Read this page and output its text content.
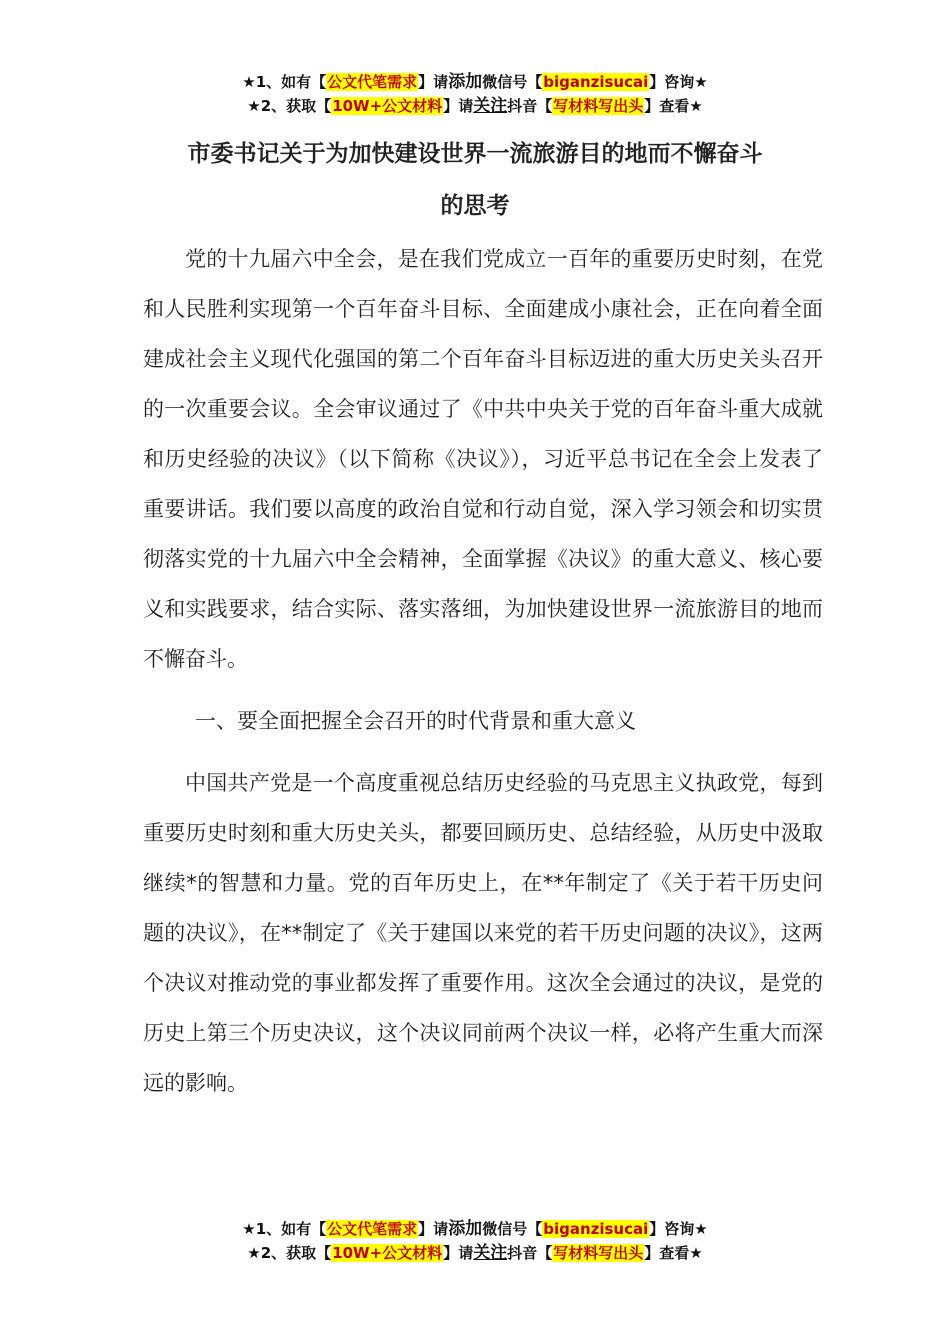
★1、如有【公文代笔需求】请添加微信号【biganzisucai】咨询★
★2、获取【10W+公文材料】请关注抖音【写材料写出头】查看★
市委书记关于为加快建设世界一流旅游目的地而不懈奋斗
的思考

党的十九届六中全会，是在我们党成立一百年的重要历史时刻，在党和人民胜利实现第一个百年奋斗目标、全面建成小康社会，正在向着全面建成社会主义现代化强国的第二个百年奋斗目标迈进的重大历史关头召开的一次重要会议。全会审议通过了《中共中央关于党的百年奋斗重大成就和历史经验的决议》（以下简称《决议》），习近平总书记在全会上发表了重要讲话。我们要以高度的政治自觉和行动自觉，深入学习领会和切实贯彻落实党的十九届六中全会精神，全面掌握《决议》的重大意义、核心要义和实践要求，结合实际、落实落细，为加快建设世界一流旅游目的地而不懈奋斗。

一、要全面把握全会召开的时代背景和重大意义

中国共产党是一个高度重视总结历史经验的马克思主义执政党，每到重要历史时刻和重大历史关头，都要回顾历史、总结经验，从历史中汲取继续*的智慧和力量。党的百年历史上，在**年制定了《关于若干历史问题的决议》，在**制定了《关于建国以来党的若干历史问题的决议》，这两个决议对推动党的事业都发挥了重要作用。这次全会通过的决议，是党的历史上第三个历史决议，这个决议同前两个决议一样，必将产生重大而深远的影响。

★1、如有【公文代笔需求】请添加微信号【biganzisucai】咨询★
★2、获取【10W+公文材料】请关注抖音【写材料写出头】查看★
